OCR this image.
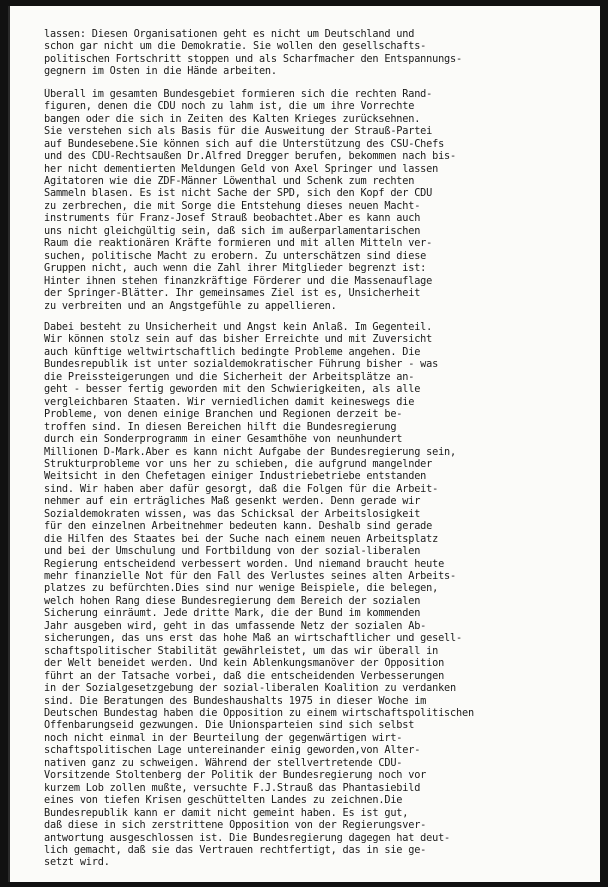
lassen: Diesen Organisationen geht es nicht um Deutschland und
schon gar nicht um die Demokratie. Sie wollen den gesellschafts-
politischen Fortschritt stoppen und als Scharfmacher den Entspannungs-
gegnern im Osten in die Hände arbeiten.
Überall im gesamten Bundesgebiet formieren sich die rechten Rand-
figuren, denen die CDU noch zu lahm ist, die um ihre Vorrechte
bangen oder die sich in Zeiten des Kalten Krieges zurücksehnen.
Sie verstehen sich als Basis für die Ausweitung der Strauß-Partei
auf Bundesebene.Sie können sich auf die Unterstützung des CSU-Chefs
und des CDU-Rechtsaußen Dr.Alfred Dregger berufen, bekommen nach bis-
her nicht dementierten Meldungen Geld von Axel Springer und lassen
Agitatoren wie die ZDF-Männer Löwenthal und Schenk zum rechten
Sammeln blasen. Es ist nicht Sache der SPD, sich den Kopf der CDU
zu zerbrechen, die mit Sorge die Entstehung dieses neuen Macht-
instruments für Franz-Josef Strauß beobachtet.Aber es kann auch
uns nicht gleichgültig sein, daß sich im außerparlamentarischen
Raum die reaktionären Kräfte formieren und mit allen Mitteln ver-
suchen, politische Macht zu erobern. Zu unterschätzen sind diese
Gruppen nicht, auch wenn die Zahl ihrer Mitglieder begrenzt ist:
Hinter ihnen stehen finanzkräftige Förderer und die Massenauflage
der Springer-Blätter. Ihr gemeinsames Ziel ist es, Unsicherheit
zu verbreiten und an Angstgefühle zu appellieren.
Dabei besteht zu Unsicherheit und Angst kein Anlaß. Im Gegenteil.
Wir können stolz sein auf das bisher Erreichte und mit Zuversicht
auch künftige weltwirtschaftlich bedingte Probleme angehen. Die
Bundesrepublik ist unter sozialdemokratischer Führung bisher - was
die Preissteigerungen und die Sicherheit der Arbeitsplätze an-
geht - besser fertig geworden mit den Schwierigkeiten, als alle
vergleichbaren Staaten. Wir verniedlichen damit keineswegs die
Probleme, von denen einige Branchen und Regionen derzeit be-
troffen sind. In diesen Bereichen hilft die Bundesregierung
durch ein Sonderprogramm in einer Gesamthöhe von neunhundert
Millionen D-Mark.Aber es kann nicht Aufgabe der Bundesregierung sein,
Strukturprobleme vor uns her zu schieben, die aufgrund mangelnder
Weitsicht in den Chefetagen einiger Industriebetriebe entstanden
sind. Wir haben aber dafür gesorgt, daß die Folgen für die Arbeit-
nehmer auf ein erträgliches Maß gesenkt werden. Denn gerade wir
Sozialdemokraten wissen, was das Schicksal der Arbeitslosigkeit
für den einzelnen Arbeitnehmer bedeuten kann. Deshalb sind gerade
die Hilfen des Staates bei der Suche nach einem neuen Arbeitsplatz
und bei der Umschulung und Fortbildung von der sozial-liberalen
Regierung entscheidend verbessert worden. Und niemand braucht heute
mehr finanzielle Not für den Fall des Verlustes seines alten Arbeits-
platzes zu befürchten.Dies sind nur wenige Beispiele, die belegen,
welch hohen Rang diese Bundesregierung dem Bereich der sozialen
Sicherung einräumt. Jede dritte Mark, die der Bund im kommenden
Jahr ausgeben wird, geht in das umfassende Netz der sozialen Ab-
sicherungen, das uns erst das hohe Maß an wirtschaftlicher und gesell-
schaftspolitischer Stabilität gewährleistet, um das wir überall in
der Welt beneidet werden. Und kein Ablenkungsmanöver der Opposition
führt an der Tatsache vorbei, daß die entscheidenden Verbesserungen
in der Sozialgesetzgebung der sozial-liberalen Koalition zu verdanken
sind. Die Beratungen des Bundeshaushalts 1975 in dieser Woche im
Deutschen Bundestag haben die Opposition zu einem wirtschaftspolitischen
Offenbarungseid gezwungen. Die Unionsparteien sind sich selbst
noch nicht einmal in der Beurteilung der gegenwärtigen wirt-
schaftspolitischen Lage untereinander einig geworden,von Alter-
nativen ganz zu schweigen. Während der stellvertretende CDU-
Vorsitzende Stoltenberg der Politik der Bundesregierung noch vor
kurzem Lob zollen mußte, versuchte F.J.Strauß das Phantasiebild
eines von tiefen Krisen geschüttelten Landes zu zeichnen.Die
Bundesrepublik kann er damit nicht gemeint haben. Es ist gut,
daß diese in sich zerstrittene Opposition von der Regierungsver-
antwortung ausgeschlossen ist. Die Bundesregierung dagegen hat deut-
lich gemacht, daß sie das Vertrauen rechtfertigt, das in sie ge-
setzt wird.
